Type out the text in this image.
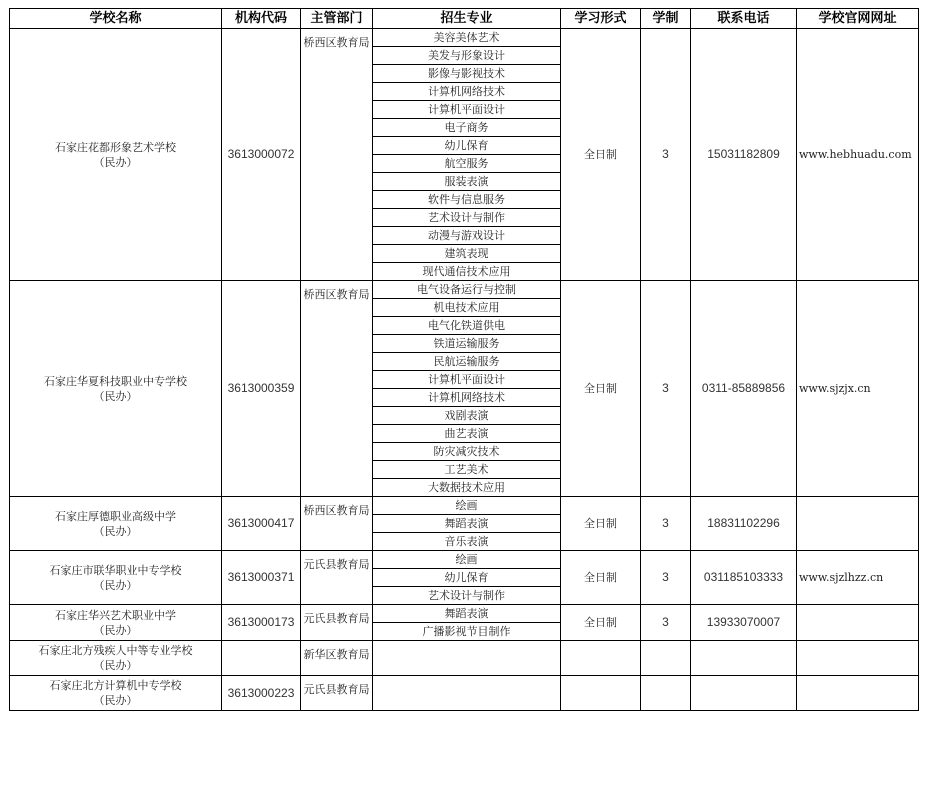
学校名称	机构代码	主管部门	招生专业	学习形式	学制	联系电话	学校官网网址

石家庄花都形象艺术学校
（民办）	3613000072	桥西区教育局	美容美体艺术	全日制	3	15031182809	www.hebhuadu.com
			美发与形象设计				
			影像与影视技术				
			计算机网络技术				
			计算机平面设计				
			电子商务				
			幼儿保育				
			航空服务				
			服装表演				
			软件与信息服务				
			艺术设计与制作				
			动漫与游戏设计				
			建筑表现				
			现代通信技术应用				

石家庄华夏科技职业中专学校
（民办）	3613000359	桥西区教育局	电气设备运行与控制	全日制	3	0311-85889856	www.sjzjx.cn
			机电技术应用				
			电气化铁道供电				
			铁道运输服务				
			民航运输服务				
			计算机平面设计				
			计算机网络技术				
			戏剧表演				
			曲艺表演				
			防灾减灾技术				
			工艺美术				
			大数据技术应用				

石家庄厚德职业高级中学
（民办）	3613000417	桥西区教育局	绘画	全日制	3	18831102296	
			舞蹈表演				
			音乐表演				

石家庄市联华职业中专学校
（民办）	3613000371	元氏县教育局	绘画	全日制	3	031185103333	www.sjzlhzz.cn
			幼儿保育				
			艺术设计与制作				

石家庄华兴艺术职业中学
（民办）	3613000173	元氏县教育局	舞蹈表演	全日制	3	13933070007	
			广播影视节目制作				

石家庄北方残疾人中等专业学校
（民办）		新华区教育局					

石家庄北方计算机中专学校
（民办）	3613000223	元氏县教育局					
